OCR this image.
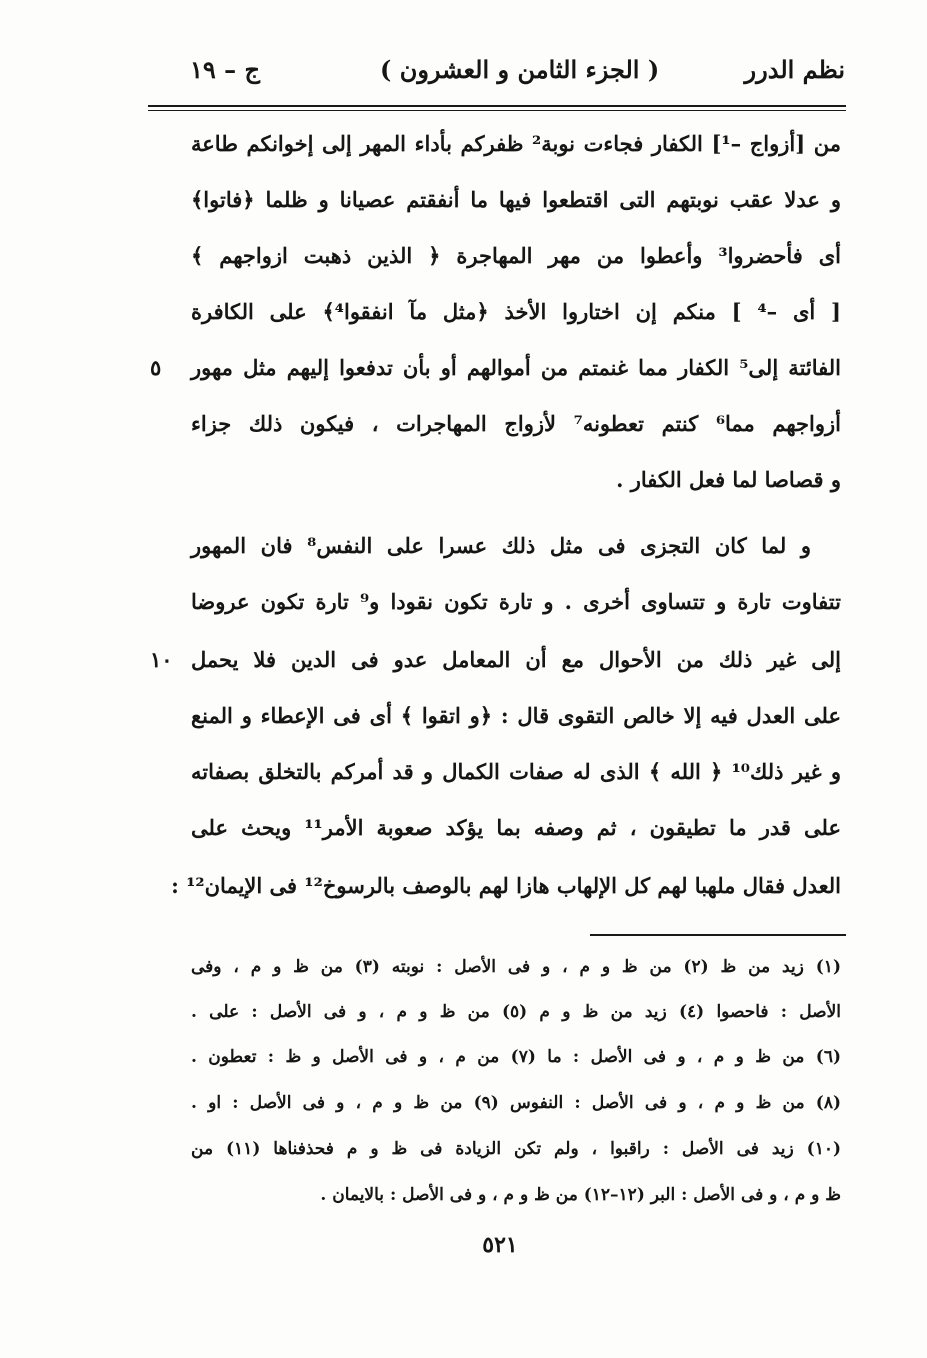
نظم الدرر
( الجزء الثامن و العشرون )
ج – ١٩
من [أزواج –¹] الكفار فجاءت نوبة² ظفركم بأداء المهر إلى إخوانكم طاعة
و عدلا عقب نوبتهم التى اقتطعوا فيها ما أنفقتم عصيانا و ظلما ﴿فاتوا﴾
أى فأحضروا³ وأعطوا من مهر المهاجرة ﴿ الذين ذهبت ازواجهم ﴾
[ أى –⁴ ] منكم إن اختاروا الأخذ ﴿مثل مآ انفقوا⁴﴾ على الكافرة
الفائتة إلى⁵ الكفار مما غنمتم من أموالهم أو بأن تدفعوا إليهم مثل مهور
أزواجهم مما⁶ كنتم تعطونه⁷ لأزواج المهاجرات ، فيكون ذلك جزاء
و قصاصا لما فعل الكفار .
و لما كان التجزى فى مثل ذلك عسرا على النفس⁸ فان المهور
تتفاوت تارة و تتساوى أخرى . و تارة تكون نقودا و⁹ تارة تكون عروضا
إلى غير ذلك من الأحوال مع أن المعامل عدو فى الدين فلا يحمل
على العدل فيه إلا خالص التقوى قال : ﴿و اتقوا ﴾ أى فى الإعطاء و المنع
و غير ذلك¹⁰ ﴿ الله ﴾ الذى له صفات الكمال و قد أمركم بالتخلق بصفاته
على قدر ما تطيقون ، ثم وصفه بما يؤكد صعوبة الأمر¹¹ ويحث على
العدل فقال ملهبا لهم كل الإلهاب هازا لهم بالوصف بالرسوخ¹² فى الإيمان¹² :
٥
١٠
(١) زيد من ظ (٢) من ظ و م ، و فى الأصل : نوبته (٣) من ظ و م ، وفى
الأصل : فاحصوا (٤) زيد من ظ و م (٥) من ظ و م ، و فى الأصل : على .
(٦) من ظ و م ، و فى الأصل : ما (٧) من م ، و فى الأصل و ظ : تعطون .
(٨) من ظ و م ، و فى الأصل : النفوس (٩) من ظ و م ، و فى الأصل : او .
(١٠) زيد فى الأصل : راقبوا ، ولم تكن الزيادة فى ظ و م فحذفناها (١١) من
ظ و م ، و فى الأصل : البر (١٢–١٢) من ظ و م ، و فى الأصل : بالايمان .
٥٢١
